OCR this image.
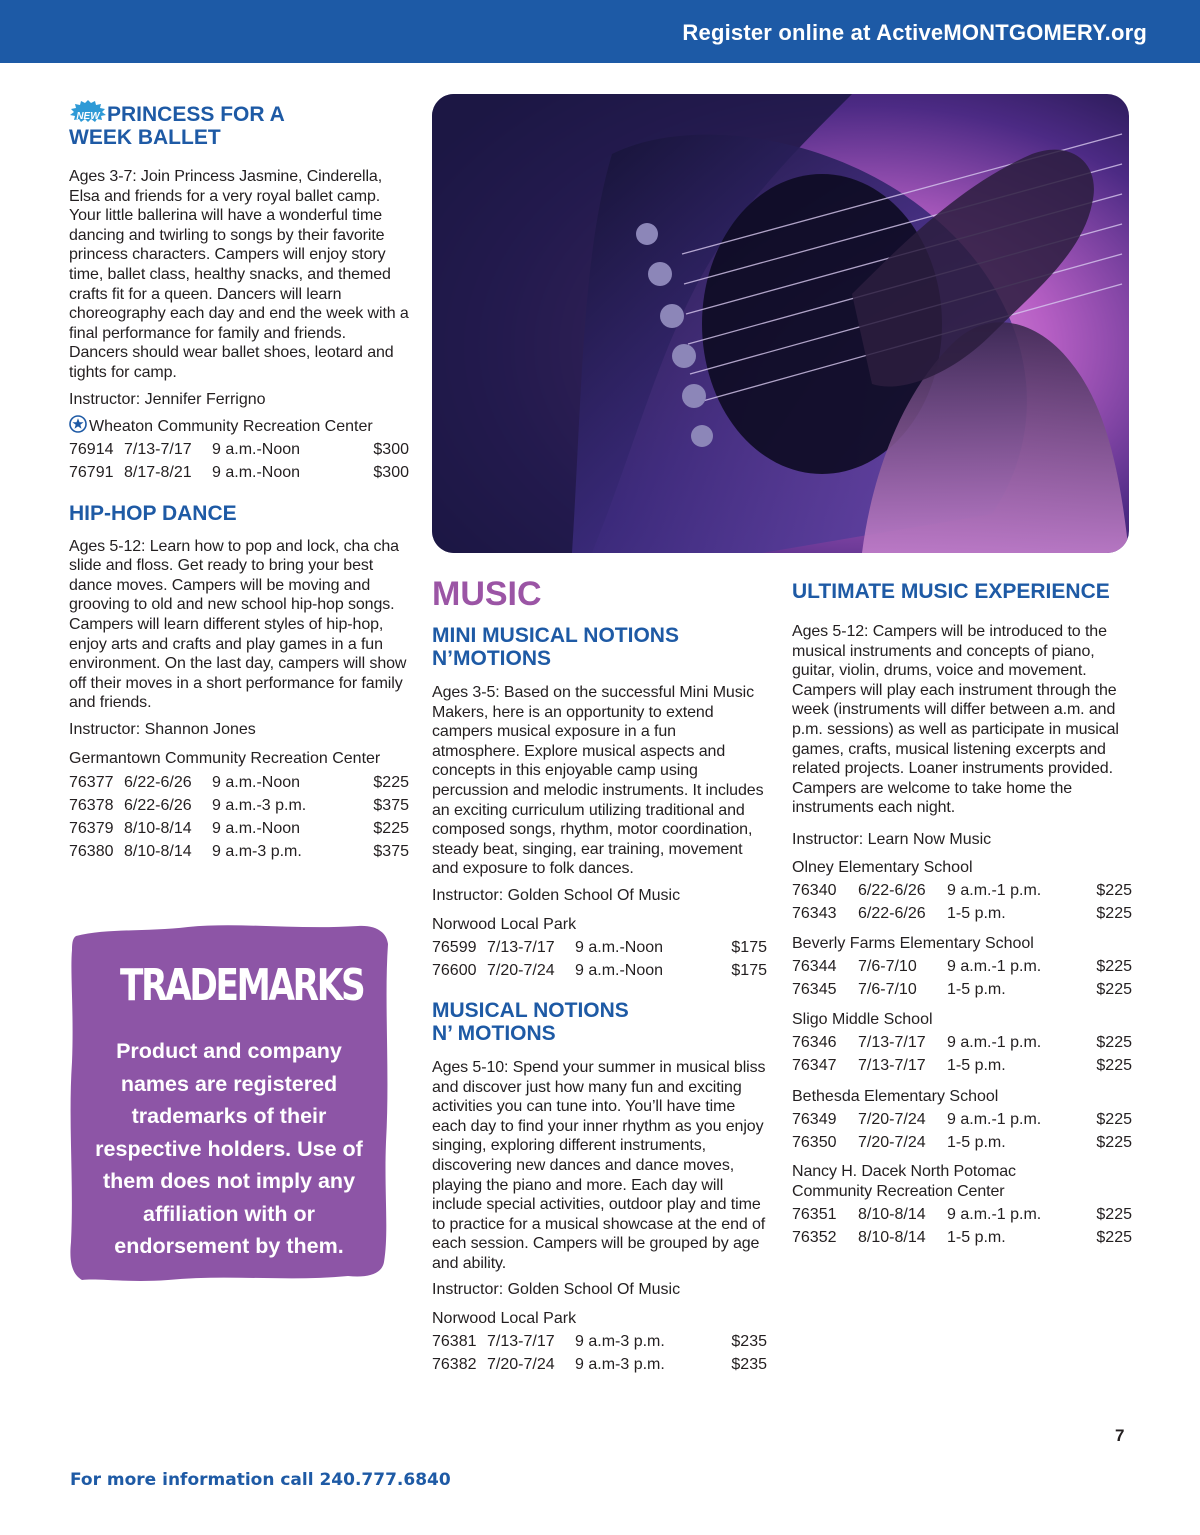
Register online at ActiveMONTGOMERY.org
NEW PRINCESS FOR A
WEEK BALLET

Ages 3-7: Join Princess Jasmine, Cinderella, Elsa and friends for a very royal ballet camp. Your little ballerina will have a wonderful time dancing and twirling to songs by their favorite princess characters. Campers will enjoy story time, ballet class, healthy snacks, and themed crafts fit for a queen. Dancers will learn choreography each day and end the week with a final performance for family and friends. Dancers should wear ballet shoes, leotard and tights for camp.

Instructor: Jennifer Ferrigno
Wheaton Community Recreation Center
76914 7/13-7/17	9 a.m.-Noon	$300
76791 8/17-8/21	9 a.m.-Noon	$300
HIP-HOP DANCE

Ages 5-12: Learn how to pop and lock, cha cha slide and floss. Get ready to bring your best dance moves. Campers will be moving and grooving to old and new school hip-hop songs. Campers will learn different styles of hip-hop, enjoy arts and crafts and play games in a fun environment. On the last day, campers will show off their moves in a short performance for family and friends.

Instructor: Shannon Jones
Germantown Community Recreation Center
76377 6/22-6/26	9 a.m.-Noon	$225
76378 6/22-6/26	9 a.m.-3 p.m.	$375
76379 8/10-8/14	9 a.m.-Noon	$225
76380 8/10-8/14	9 a.m-3 p.m.	$375
TRADEMARKS
Product and company names are registered trademarks of their respective holders. Use of them does not imply any affiliation with or endorsement by them.
MUSIC
MINI MUSICAL NOTIONS
N’MOTIONS

Ages 3-5: Based on the successful Mini Music Makers, here is an opportunity to extend campers musical exposure in a fun atmosphere. Explore musical aspects and concepts in this enjoyable camp using percussion and melodic instruments. It includes an exciting curriculum utilizing traditional and composed songs, rhythm, motor coordination, steady beat, singing, ear training, movement and exposure to folk dances.

Instructor: Golden School Of Music
Norwood Local Park
76599 7/13-7/17	9 a.m.-Noon	$175
76600 7/20-7/24	9 a.m.-Noon	$175
MUSICAL NOTIONS
N’ MOTIONS

Ages 5-10: Spend your summer in musical bliss and discover just how many fun and exciting activities you can tune into. You’ll have time each day to find your inner rhythm as you enjoy singing, exploring different instruments, discovering new dances and dance moves, playing the piano and more. Each day will include special activities, outdoor play and time to practice for a musical showcase at the end of each session. Campers will be grouped by age and ability.

Instructor: Golden School Of Music
Norwood Local Park
76381 7/13-7/17	9 a.m-3 p.m.	$235
76382 7/20-7/24	9 a.m-3 p.m.	$235
ULTIMATE MUSIC EXPERIENCE

Ages 5-12: Campers will be introduced to the musical instruments and concepts of piano, guitar, violin, drums, voice and movement. Campers will play each instrument through the week (instruments will differ between a.m. and p.m. sessions) as well as participate in musical games, crafts, musical listening excerpts and related projects. Loaner instruments provided. Campers are welcome to take home the instruments each night.

Instructor: Learn Now Music
Olney Elementary School
76340	6/22-6/26	9 a.m.-1 p.m.	$225
76343	6/22-6/26	1-5 p.m.	$225
Beverly Farms Elementary School
76344	7/6-7/10	9 a.m.-1 p.m.	$225
76345	7/6-7/10	1-5 p.m.	$225
Sligo Middle School
76346	7/13-7/17	9 a.m.-1 p.m.	$225
76347	7/13-7/17	1-5 p.m.	$225
Bethesda Elementary School
76349	7/20-7/24	9 a.m.-1 p.m.	$225
76350	7/20-7/24	1-5 p.m.	$225
Nancy H. Dacek North Potomac Community Recreation Center
76351	8/10-8/14	9 a.m.-1 p.m.	$225
76352	8/10-8/14	1-5 p.m.	$225
For more information call 240.777.6840
7
